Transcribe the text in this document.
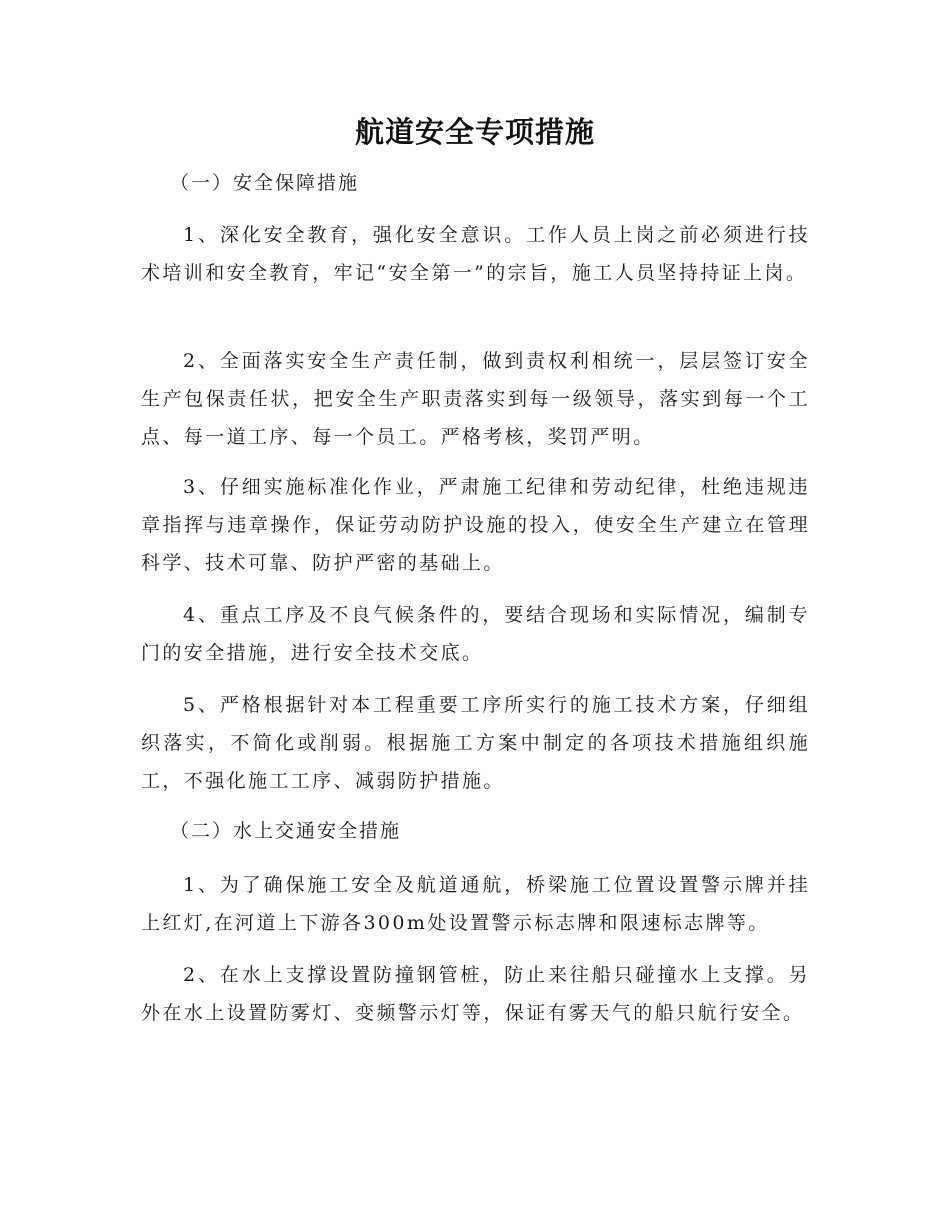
航道安全专项措施
（一）安全保障措施

1、深化安全教育，强化安全意识。工作人员上岗之前必须进行技术培训和安全教育，牢记“安全第一”的宗旨，施工人员坚持持证上岗。

2、全面落实安全生产责任制，做到责权利相统一，层层签订安全生产包保责任状，把安全生产职责落实到每一级领导，落实到每一个工点、每一道工序、每一个员工。严格考核，奖罚严明。

3、仔细实施标准化作业，严肃施工纪律和劳动纪律，杜绝违规违章指挥与违章操作，保证劳动防护设施的投入，使安全生产建立在管理科学、技术可靠、防护严密的基础上。

4、重点工序及不良气候条件的，要结合现场和实际情况，编制专门的安全措施，进行安全技术交底。

5、严格根据针对本工程重要工序所实行的施工技术方案，仔细组织落实，不简化或削弱。根据施工方案中制定的各项技术措施组织施工，不强化施工工序、减弱防护措施。

（二）水上交通安全措施

1、为了确保施工安全及航道通航，桥梁施工位置设置警示牌并挂上红灯,在河道上下游各300m处设置警示标志牌和限速标志牌等。

2、在水上支撑设置防撞钢管桩，防止来往船只碰撞水上支撑。另外在水上设置防雾灯、变频警示灯等，保证有雾天气的船只航行安全。
